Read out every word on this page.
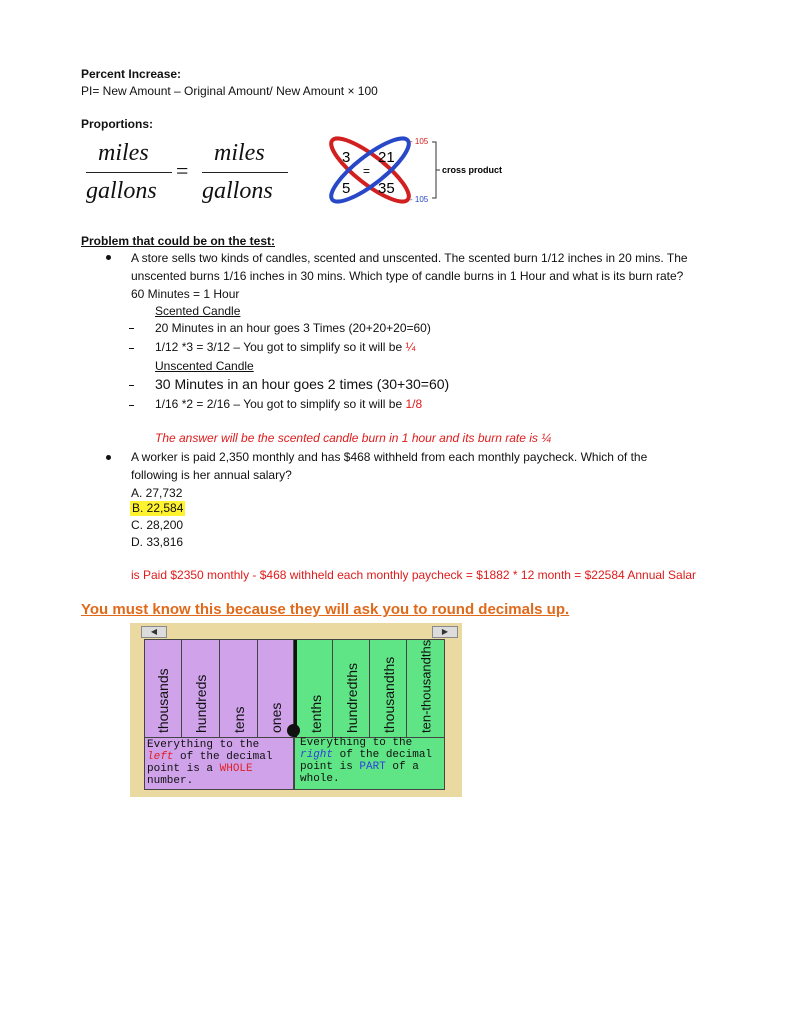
Percent Increase:
PI= New Amount – Original Amount/ New Amount × 100
Proportions:
miles
gallons
=
miles
gallons
3 21
=
5 35
- 105
- 105
cross product
Problem that could be on the test:
A store sells two kinds of candles, scented and unscented. The scented burn 1/12 inches in 20 mins. The
unscented burns 1/16 inches in 30 mins. Which type of candle burns in 1 Hour and what is its burn rate?
60 Minutes = 1 Hour
Scented Candle
20 Minutes in an hour goes 3 Times (20+20+20=60)
1/12 *3 = 3/12 – You got to simplify so it will be ¼
Unscented Candle
30 Minutes in an hour goes 2 times (30+30=60)
1/16 *2 = 2/16 – You got to simplify so it will be 1/8
The answer will be the scented candle burn in 1 hour and its burn rate is ¼
A worker is paid 2,350 monthly and has $468 withheld from each monthly paycheck. Which of the
following is her annual salary?
A. 27,732
B. 22,584
C. 28,200
D. 33,816
is Paid $2350 monthly - $468 withheld each monthly paycheck = $1882 * 12 month = $22584 Annual Salar
You must know this because they will ask you to round decimals up.
◀	▶
thousands hundreds tens ones tenths hundredths thousandths ten-thousandths
Everything to the
left of the decimal
point is a WHOLE
number.
Everything to the
right of the decimal
point is PART of a
whole.
